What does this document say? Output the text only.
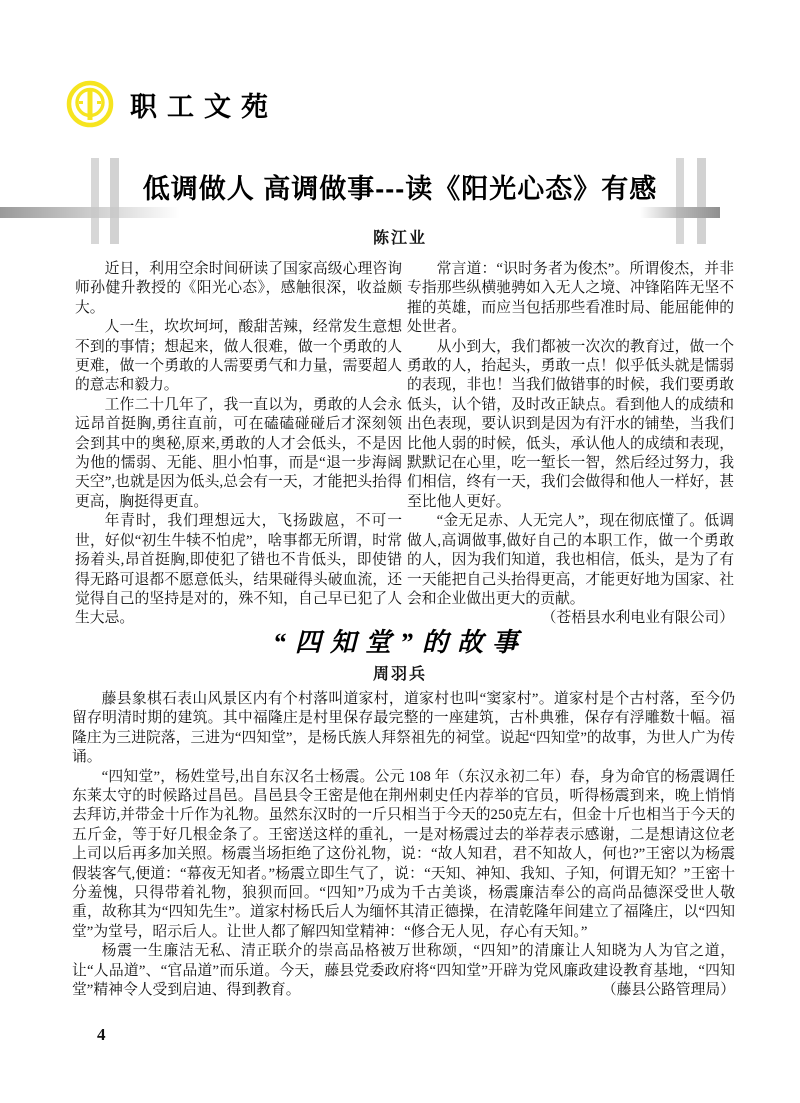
职工文苑
低调做人 高调做事---读《阳光心态》有感
陈江业

近日，利用空余时间研读了国家高级心理咨询师孙健升教授的《阳光心态》，感触很深，收益颇大。

人一生，坎坎坷坷，酸甜苦辣，经常发生意想不到的事情；想起来，做人很难，做一个勇敢的人更难，做一个勇敢的人需要勇气和力量，需要超人的意志和毅力。

工作二十几年了，我一直以为，勇敢的人会永远昂首挺胸,勇往直前，可在磕磕碰碰后才深刻领会到其中的奥秘,原来,勇敢的人才会低头，不是因为他的懦弱、无能、胆小怕事，而是“退一步海阔天空”,也就是因为低头,总会有一天，才能把头抬得更高，胸挺得更直。

年青时，我们理想远大，飞扬跋扈，不可一世，好似“初生牛犊不怕虎”，啥事都无所谓，时常扬着头,昂首挺胸,即使犯了错也不肯低头，即使错得无路可退都不愿意低头，结果碰得头破血流，还觉得自己的坚持是对的，殊不知，自己早已犯了人生大忌。

常言道：“识时务者为俊杰”。所谓俊杰，并非专指那些纵横驰骋如入无人之境、冲锋陷阵无坚不摧的英雄，而应当包括那些看准时局、能屈能伸的处世者。

从小到大，我们都被一次次的教育过，做一个勇敢的人，抬起头，勇敢一点！似乎低头就是懦弱的表现，非也！当我们做错事的时候，我们要勇敢低头，认个错，及时改正缺点。看到他人的成绩和出色表现，要认识到是因为有汗水的铺垫，当我们比他人弱的时候，低头，承认他人的成绩和表现，默默记在心里，吃一堑长一智，然后经过努力，我们相信，终有一天，我们会做得和他人一样好，甚至比他人更好。

“金无足赤、人无完人”，现在彻底懂了。低调做人,高调做事,做好自己的本职工作，做一个勇敢的人，因为我们知道，我也相信，低头，是为了有一天能把自己头抬得更高，才能更好地为国家、社会和企业做出更大的贡献。

（苍梧县水利电业有限公司）

“四知堂”的故事
周羽兵

藤县象棋石表山风景区内有个村落叫道家村，道家村也叫“窦家村”。道家村是个古村落，至今仍留存明清时期的建筑。其中福隆庄是村里保存最完整的一座建筑，古朴典雅，保存有浮雕数十幅。福隆庄为三进院落，三进为“四知堂”，是杨氏族人拜祭祖先的祠堂。说起“四知堂”的故事，为世人广为传诵。

“四知堂”，杨姓堂号,出自东汉名士杨震。公元 108 年（东汉永初二年）春，身为命官的杨震调任东莱太守的时候路过昌邑。昌邑县令王密是他在荆州刺史任内荐举的官员，听得杨震到来，晚上悄悄去拜访,并带金十斤作为礼物。虽然东汉时的一斤只相当于今天的250克左右，但金十斤也相当于今天的五斤金，等于好几根金条了。王密送这样的重礼，一是对杨震过去的举荐表示感谢，二是想请这位老上司以后再多加关照。杨震当场拒绝了这份礼物，说：“故人知君，君不知故人，何也?”王密以为杨震假装客气,便道：“幕夜无知者。”杨震立即生气了，说：“天知、神知、我知、子知，何谓无知？”王密十分羞愧，只得带着礼物，狼狈而回。“四知”乃成为千古美谈，杨震廉洁奉公的高尚品德深受世人敬重，故称其为“四知先生”。道家村杨氏后人为缅怀其清正德操，在清乾隆年间建立了福隆庄，以“四知堂”为堂号，昭示后人。让世人都了解四知堂精神：“修合无人见，存心有天知。”

杨震一生廉洁无私、清正联介的崇高品格被万世称颂，“四知”的清廉让人知晓为人为官之道，让“人品道”、“官品道”而乐道。今天，藤县党委政府将“四知堂”开辟为党风廉政建设教育基地，“四知堂”精神令人受到启迪、得到教育。	（藤县公路管理局）

4
